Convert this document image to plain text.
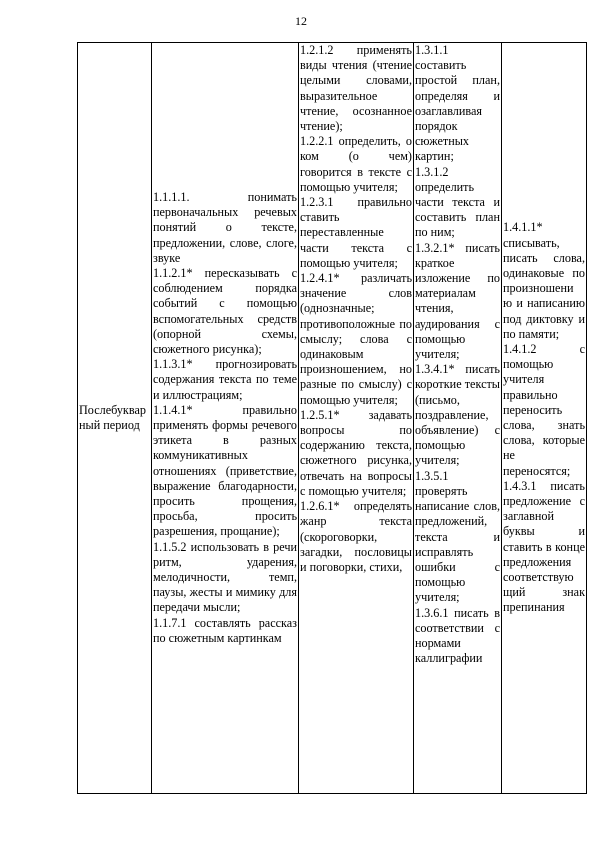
12
Послебукварный период

1.1.1.1. понимать первоначальных речевых понятий о тексте, предложении, слове, слоге, звуке
1.1.2.1* пересказывать с соблюдением порядка событий с помощью вспомогательных средств (опорной схемы, сюжетного рисунка);
1.1.3.1* прогнозировать содержания текста по теме и иллюстрациям;
1.1.4.1* правильно применять формы речевого этикета в разных коммуникативных отношениях (приветствие, выражение благодарности, просить прощения, просьба, просить разрешения, прощание);
1.1.5.2 использовать в речи ритм, ударения, мелодичности, темп, паузы, жесты и мимику для передачи мысли;
1.1.7.1 составлять рассказ по сюжетным картинкам

1.2.1.2 применять виды чтения (чтение целыми словами, выразительное чтение, осознанное чтение);
1.2.2.1 определить, о ком (о чем) говорится в тексте с помощью учителя;
1.2.3.1 правильно ставить переставленные части текста с помощью учителя;
1.2.4.1* различать значение слов (однозначные; противоположные по смыслу; слова с одинаковым произношением, но разные по смыслу) с помощью учителя;
1.2.5.1* задавать вопросы по содержанию текста, сюжетного рисунка, отвечать на вопросы с помощью учителя;
1.2.6.1* определять жанр текста (скороговорки, загадки, пословицы и поговорки, стихи,

1.3.1.1 составить простой план, определяя и озаглавливая порядок сюжетных картин;
1.3.1.2 определить части текста и составить план по ним;
1.3.2.1* писать краткое изложение по материалам чтения, аудирования с помощью учителя;
1.3.4.1* писать короткие тексты (письмо, поздравление, объявление) с помощью учителя;
1.3.5.1 проверять написание слов, предложений, текста и исправлять ошибки с помощью учителя;
1.3.6.1 писать в соответствии с нормами каллиграфии

1.4.1.1* списывать, писать слова, одинаковые по произношени ю и написанию под диктовку и по памяти;
1.4.1.2 с помощью учителя правильно переносить слова, знать слова, которые не переносятся;
1.4.3.1 писать предложение с заглавной буквы и ставить в конце предложения соответствую щий знак препинания
